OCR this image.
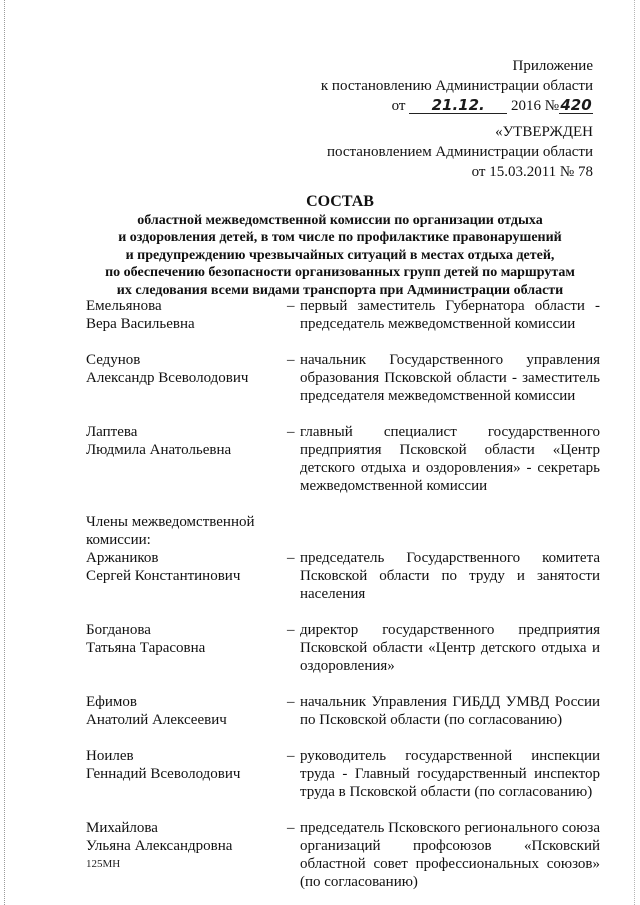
Приложение
к постановлению Администрации области
от 21.12. 2016 №420
«УТВЕРЖДЕН
постановлением Администрации области
от 15.03.2011 № 78
СОСТАВ
областной межведомственной комиссии по организации отдыха
и оздоровления детей, в том числе по профилактике правонарушений
и предупреждению чрезвычайных ситуаций в местах отдыха детей,
по обеспечению безопасности организованных групп детей по маршрутам
их следования всеми видами транспорта при Администрации области
Емельянова
Вера Васильевна
– первый заместитель Губернатора области - председатель межведомственной комиссии
Седунов
Александр Всеволодович
– начальник Государственного управления образования Псковской области - заместитель председателя межведомственной комиссии
Лаптева
Людмила Анатольевна
– главный специалист государственного предприятия Псковской области «Центр детского отдыха и оздоровления» - секретарь межведомственной комиссии
Члены межведомственной комиссии:
Аржаников
Сергей Константинович
– председатель Государственного комитета Псковской области по труду и занятости населения
Богданова
Татьяна Тарасовна
– директор государственного предприятия Псковской области «Центр детского отдыха и оздоровления»
Ефимов
Анатолий Алексеевич
– начальник Управления ГИБДД УМВД России по Псковской области (по согласованию)
Ноилев
Геннадий Всеволодович
– руководитель государственной инспекции труда - Главный государственный инспектор труда в Псковской области (по согласованию)
Михайлова
Ульяна Александровна
– председатель Псковского регионального союза организаций профсоюзов «Псковский областной совет профессиональных союзов» (по согласованию)
125МН
